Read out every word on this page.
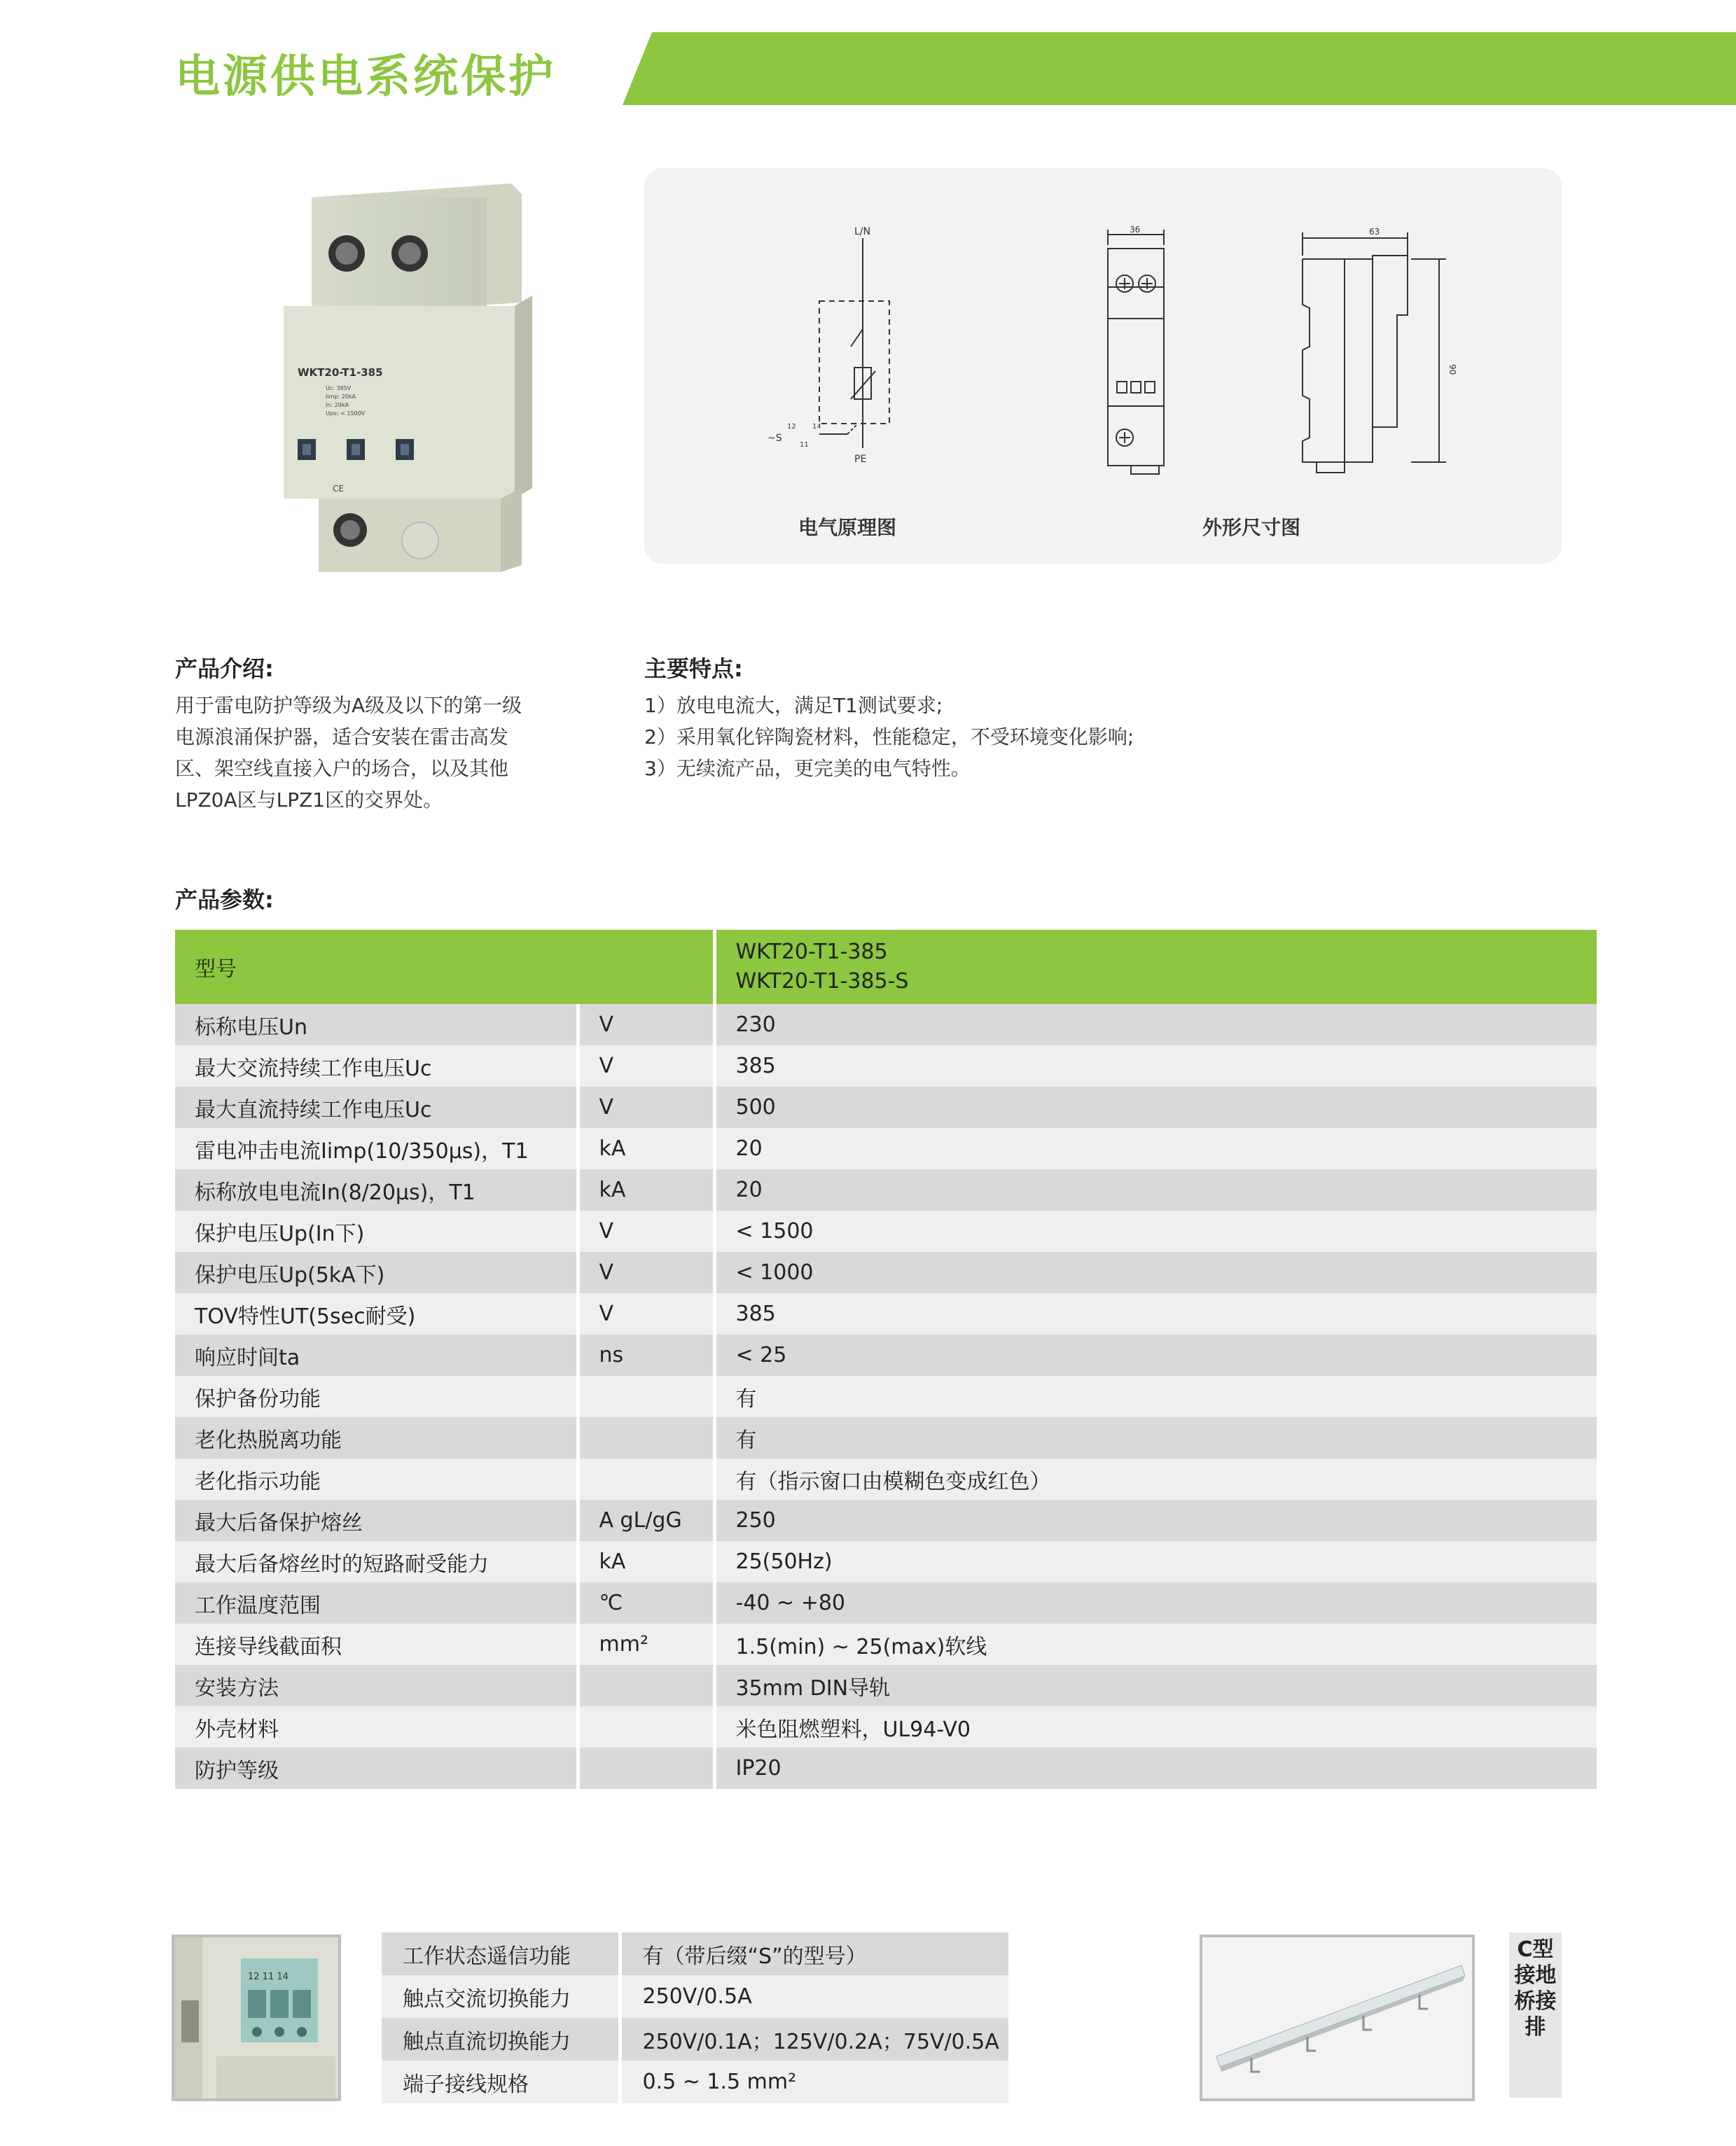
电源供电系统保护
WKT20-T1-385
Uc: 385V
Iimp: 20kA
In: 20kA
Upo: < 1500V
CE
L/N
PE
~S
12
11
14
36	63
90
电气原理图	外形尺寸图
产品介绍:
用于雷电防护等级为A级及以下的第一级
电源浪涌保护器，适合安装在雷击高发
区、架空线直接入户的场合，以及其他
LPZ0A区与LPZ1区的交界处。
主要特点:
1）放电电流大，满足T1测试要求;
2）采用氧化锌陶瓷材料，性能稳定，不受环境变化影响;
3）无续流产品，更完美的电气特性。
产品参数:
型号		WKT20-T1-385
WKT20-T1-385-S

标称电压Un	V	230
最大交流持续工作电压Uc	V	385
最大直流持续工作电压Uc	V	500
雷电冲击电流Iimp(10/350μs)，T1	kA	20
标称放电电流In(8/20μs)，T1	kA	20
保护电压Up(In下)	V	< 1500
保护电压Up(5kA下)	V	< 1000
TOV特性UT(5sec耐受)	V	385
响应时间ta	ns	< 25
保护备份功能		有
老化热脱离功能		有
老化指示功能		有（指示窗口由模糊色变成红色）
最大后备保护熔丝	A gL/gG	250
最大后备熔丝时的短路耐受能力	kA	25(50Hz)
工作温度范围	℃	-40 ~ +80
连接导线截面积	mm²	1.5(min) ~ 25(max)软线
安装方法		35mm DIN导轨
外壳材料		米色阻燃塑料，UL94-V0
防护等级		IP20
12 11 14
工作状态遥信功能	有（带后缀“S”的型号）
触点交流切换能力	250V/0.5A
触点直流切换能力	250V/0.1A；125V/0.2A；75V/0.5A
端子接线规格	0.5 ~ 1.5 mm²
C型接地桥接排
